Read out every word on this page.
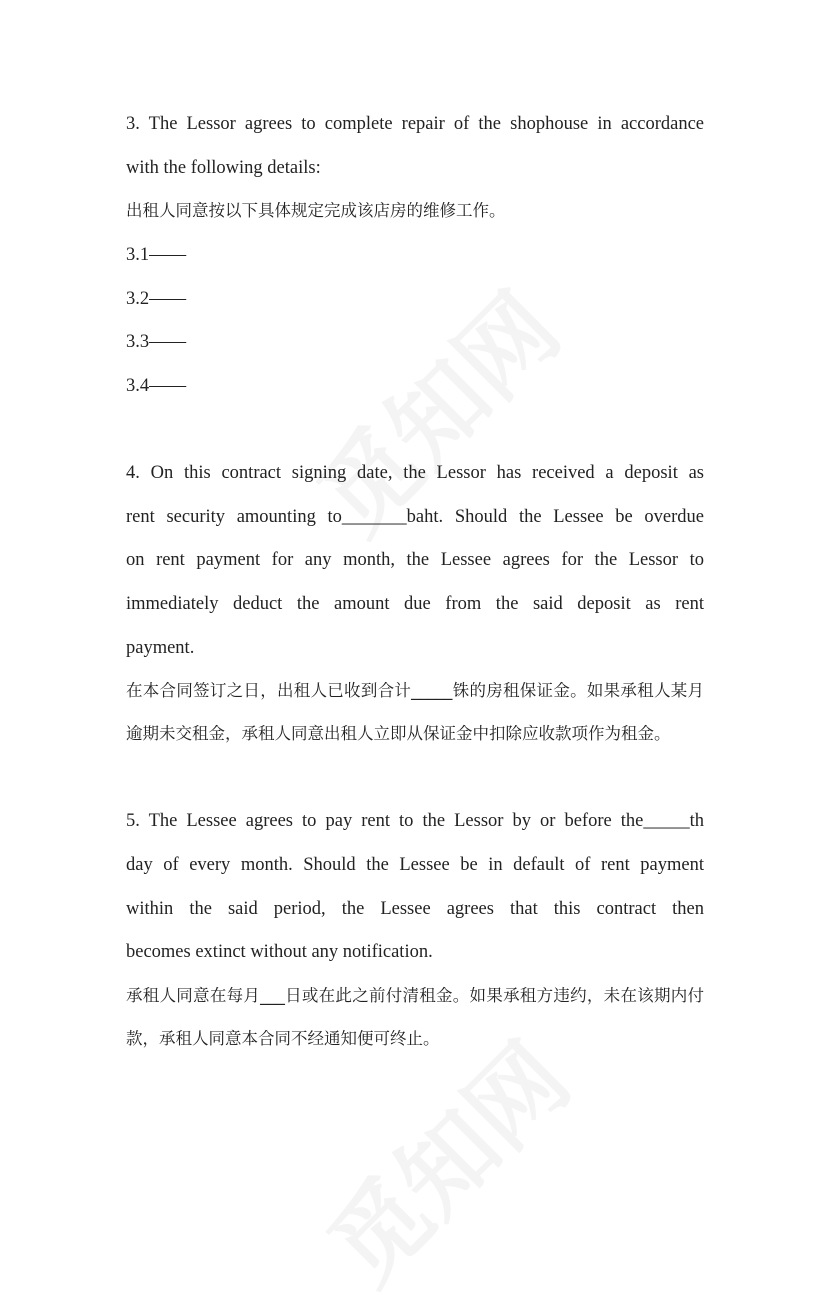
3. The Lessor agrees to complete repair of the shophouse in accordance
with the following details:
出租人同意按以下具体规定完成该店房的维修工作。
3.1——
3.2——
3.3——
3.4——
4. On this contract signing date, the Lessor has received a deposit as
rent security amounting to_______baht. Should the Lessee be overdue
on rent payment for any month, the Lessee agrees for the Lessor to
immediately deduct the amount due from the said deposit as rent
payment.
在本合同签订之日，出租人已收到合计_____铢的房租保证金。如果承租人某月
逾期未交租金，承租人同意出租人立即从保证金中扣除应收款项作为租金。
5. The Lessee agrees to pay rent to the Lessor by or before the_____th
day of every month. Should the Lessee be in default of rent payment
within the said period, the Lessee agrees that this contract then
becomes extinct without any notification.
承租人同意在每月___日或在此之前付清租金。如果承租方违约，未在该期内付
款，承租人同意本合同不经通知便可终止。
